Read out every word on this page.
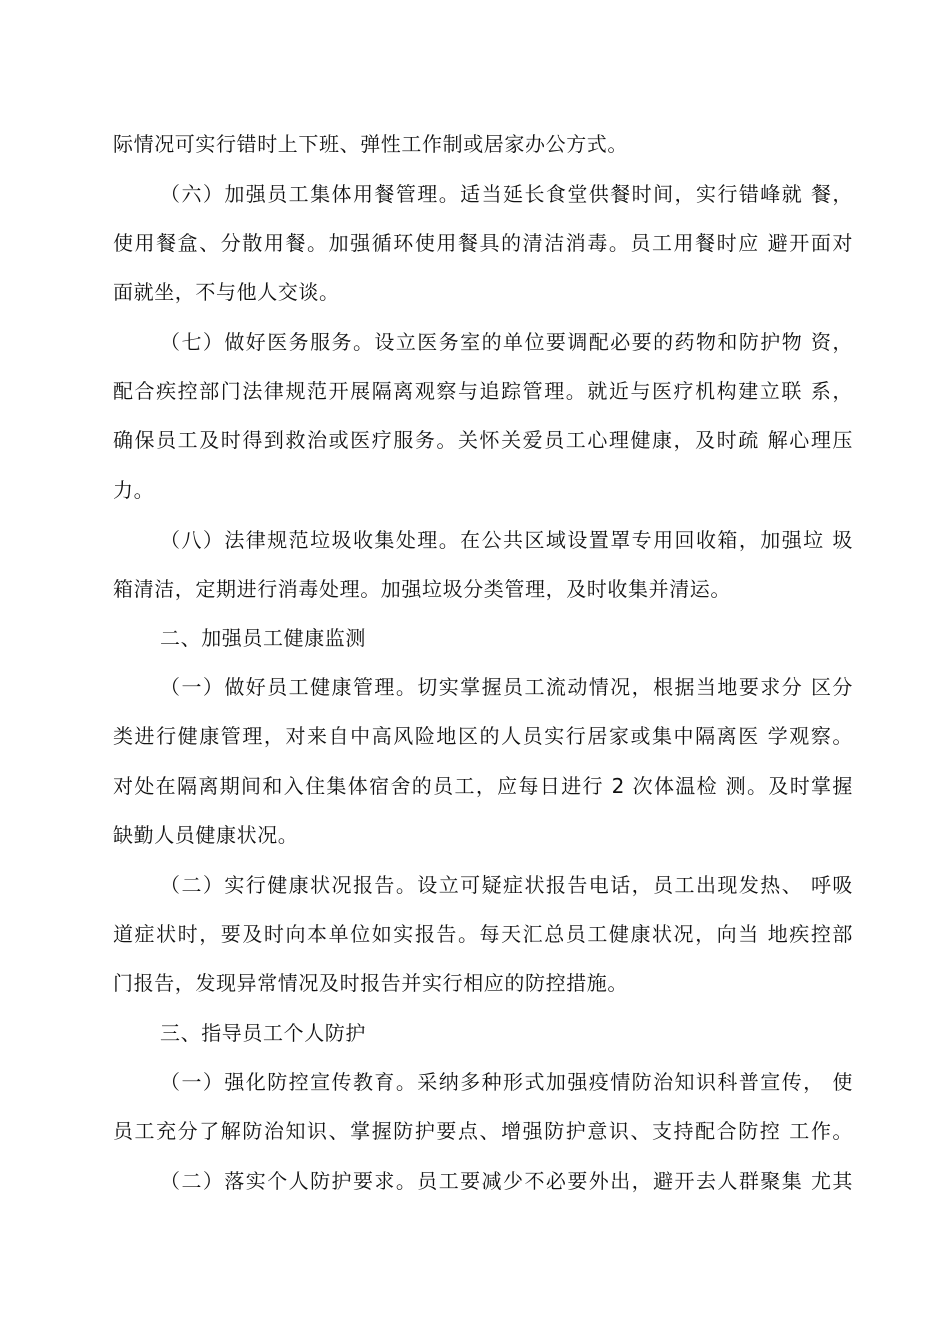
际情况可实行错时上下班、弹性工作制或居家办公方式。
（六）加强员工集体用餐管理。适当延长食堂供餐时间，实行错峰就 餐，
使用餐盒、分散用餐。加强循环使用餐具的清洁消毒。员工用餐时应 避开面对
面就坐，不与他人交谈。
（七）做好医务服务。设立医务室的单位要调配必要的药物和防护物 资，
配合疾控部门法律规范开展隔离观察与追踪管理。就近与医疗机构建立联 系，
确保员工及时得到救治或医疗服务。关怀关爱员工心理健康，及时疏 解心理压
力。
（八）法律规范垃圾收集处理。在公共区域设置罩专用回收箱，加强垃 圾
箱清洁，定期进行消毒处理。加强垃圾分类管理，及时收集并清运。
二、加强员工健康监测
（一）做好员工健康管理。切实掌握员工流动情况，根据当地要求分 区分
类进行健康管理，对来自中高风险地区的人员实行居家或集中隔离医 学观察。
对处在隔离期间和入住集体宿舍的员工，应每日进行 2 次体温检 测。及时掌握
缺勤人员健康状况。
（二）实行健康状况报告。设立可疑症状报告电话，员工出现发热、 呼吸
道症状时，要及时向本单位如实报告。每天汇总员工健康状况，向当 地疾控部
门报告，发现异常情况及时报告并实行相应的防控措施。
三、指导员工个人防护
（一）强化防控宣传教育。采纳多种形式加强疫情防治知识科普宣传， 使
员工充分了解防治知识、掌握防护要点、增强防护意识、支持配合防控 工作。
（二）落实个人防护要求。员工要减少不必要外出，避开去人群聚集 尤其
